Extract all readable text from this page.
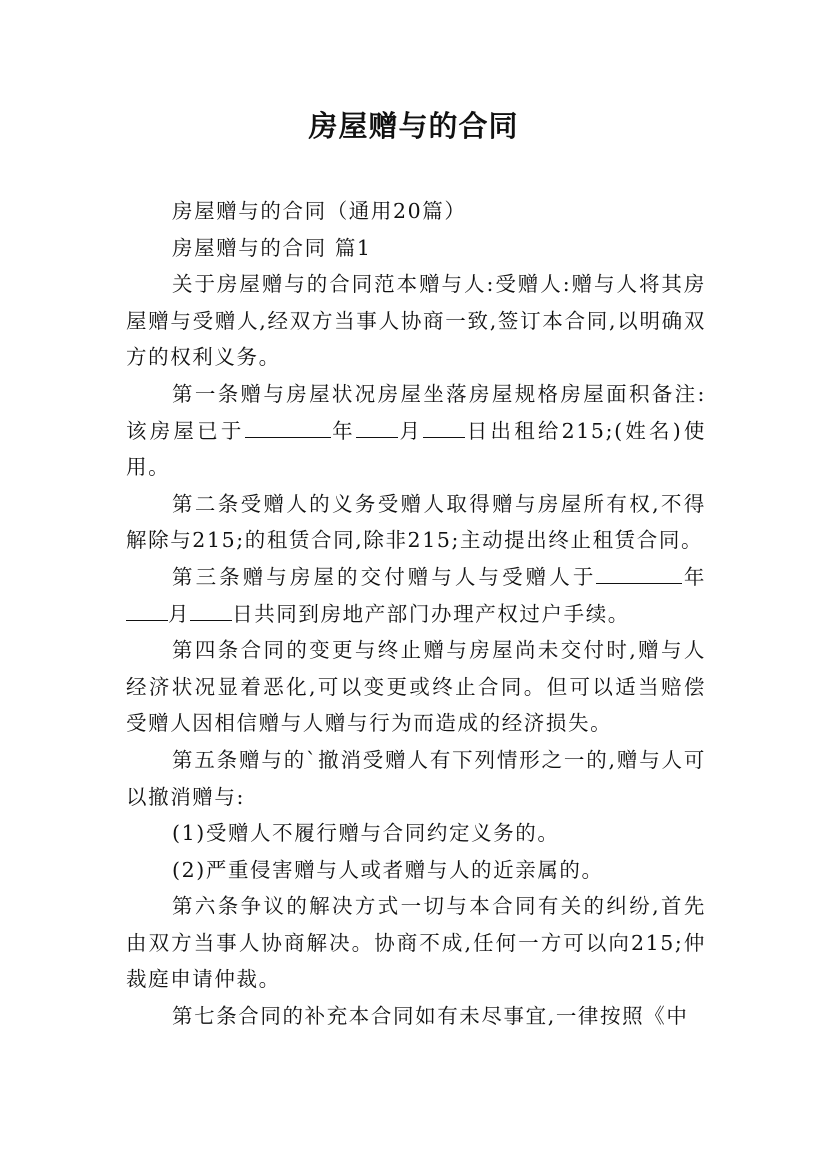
房屋赠与的合同

房屋赠与的合同（通用20篇）

房屋赠与的合同 篇1

关于房屋赠与的合同范本赠与人:受赠人:赠与人将其房屋赠与受赠人,经双方当事人协商一致,签订本合同,以明确双方的权利义务。

第一条赠与房屋状况房屋坐落房屋规格房屋面积备注:该房屋已于	年 月 日出租给215;(姓名)使用。

第二条受赠人的义务受赠人取得赠与房屋所有权,不得解除与215;的租赁合同,除非215;主动提出终止租赁合同。

第三条赠与房屋的交付赠与人与受赠人于	年月 日共同到房地产部门办理产权过户手续。

第四条合同的变更与终止赠与房屋尚未交付时,赠与人经济状况显着恶化,可以变更或终止合同。但可以适当赔偿受赠人因相信赠与人赠与行为而造成的经济损失。

第五条赠与的`撤消受赠人有下列情形之一的,赠与人可以撤消赠与:

(1)受赠人不履行赠与合同约定义务的。

(2)严重侵害赠与人或者赠与人的近亲属的。

第六条争议的解决方式一切与本合同有关的纠纷,首先由双方当事人协商解决。协商不成,任何一方可以向215;仲裁庭申请仲裁。

第七条合同的补充本合同如有未尽事宜,一律按照《中
